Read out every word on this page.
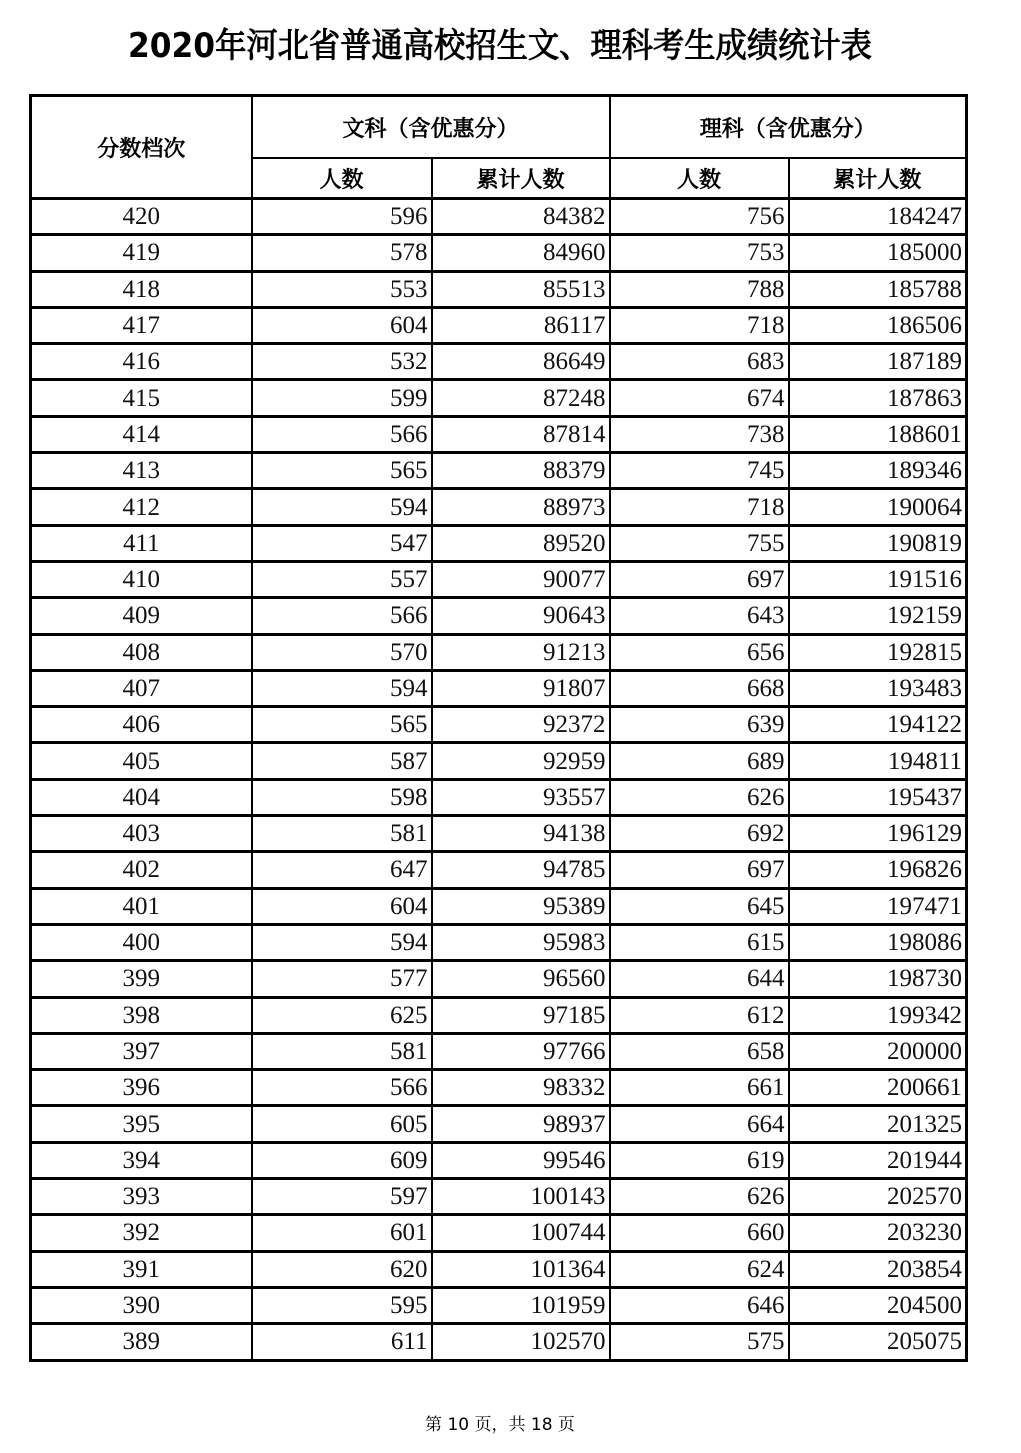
2020年河北省普通高校招生文、理科考生成绩统计表
分数档次	文科（含优惠分）		理科（含优惠分）	
	人数	累计人数	人数	累计人数
420	596	84382	756	184247
419	578	84960	753	185000
418	553	85513	788	185788
417	604	86117	718	186506
416	532	86649	683	187189
415	599	87248	674	187863
414	566	87814	738	188601
413	565	88379	745	189346
412	594	88973	718	190064
411	547	89520	755	190819
410	557	90077	697	191516
409	566	90643	643	192159
408	570	91213	656	192815
407	594	91807	668	193483
406	565	92372	639	194122
405	587	92959	689	194811
404	598	93557	626	195437
403	581	94138	692	196129
402	647	94785	697	196826
401	604	95389	645	197471
400	594	95983	615	198086
399	577	96560	644	198730
398	625	97185	612	199342
397	581	97766	658	200000
396	566	98332	661	200661
395	605	98937	664	201325
394	609	99546	619	201944
393	597	100143	626	202570
392	601	100744	660	203230
391	620	101364	624	203854
390	595	101959	646	204500
389	611	102570	575	205075
第 10 页，共 18 页
